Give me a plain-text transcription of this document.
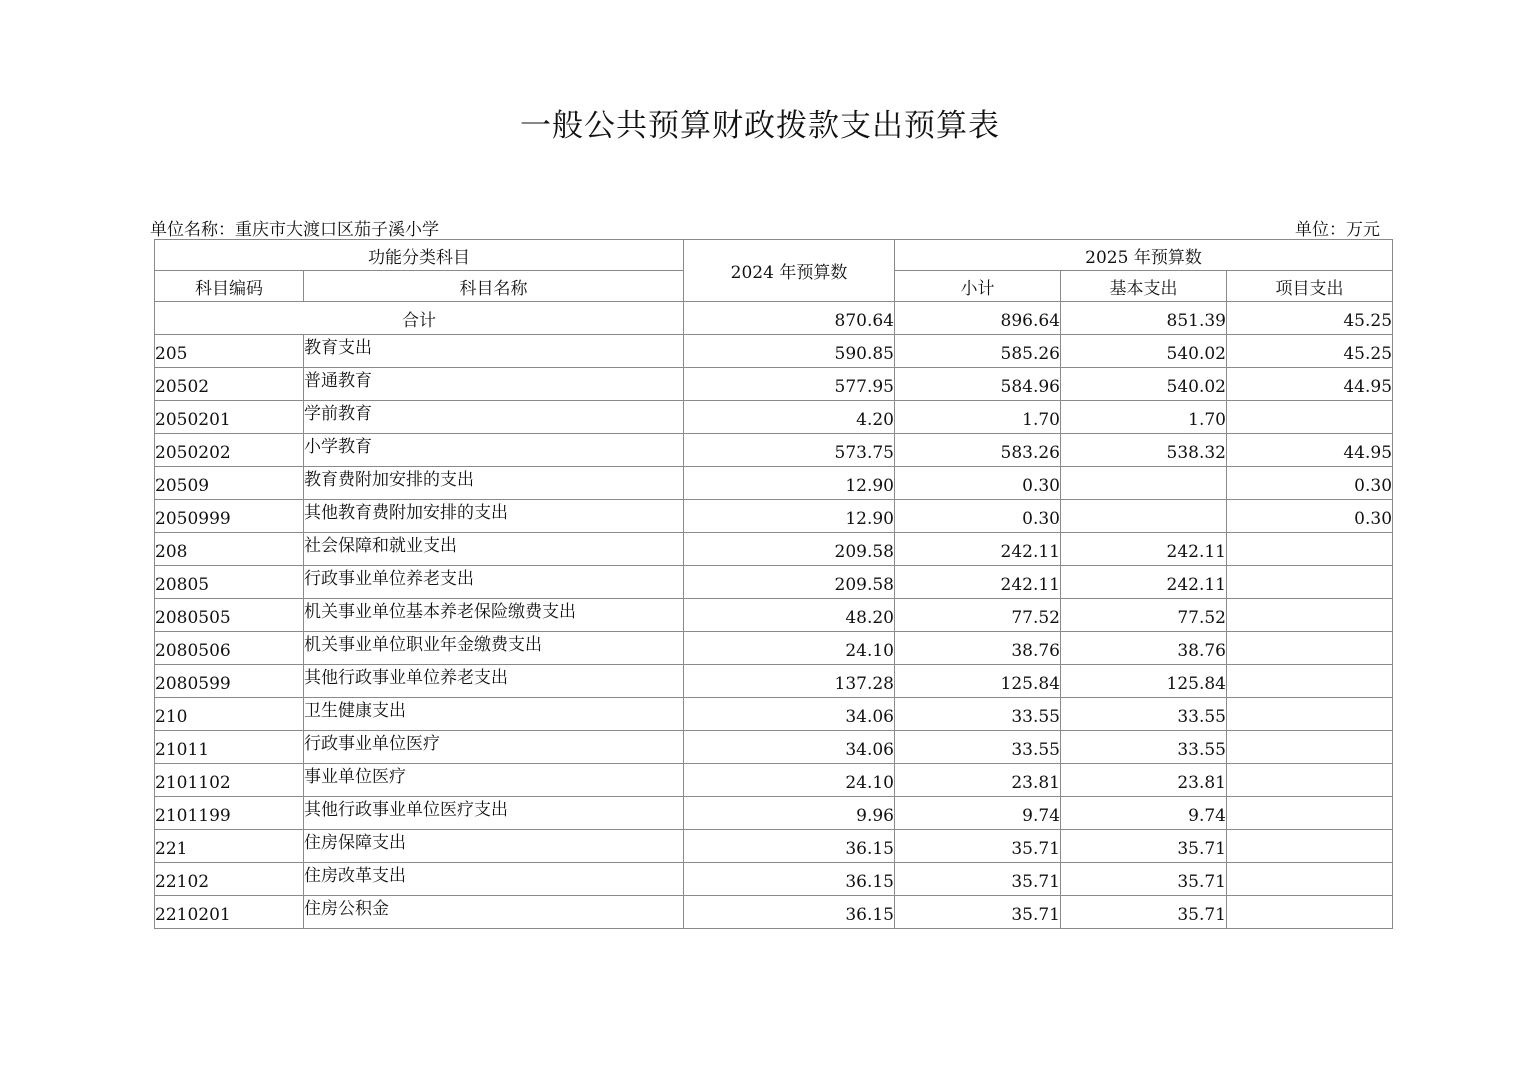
一般公共预算财政拨款支出预算表
单位名称：重庆市大渡口区茄子溪小学	单位：万元
功能分类科目		2024 年预算数	2025 年预算数		
科目编码	科目名称		小计	基本支出	项目支出
合计		870.64	896.64	851.39	45.25
205	教育支出	590.85	585.26	540.02	45.25
20502	普通教育	577.95	584.96	540.02	44.95
2050201	学前教育	4.20	1.70	1.70	
2050202	小学教育	573.75	583.26	538.32	44.95
20509	教育费附加安排的支出	12.90	0.30		0.30
2050999	其他教育费附加安排的支出	12.90	0.30		0.30
208	社会保障和就业支出	209.58	242.11	242.11	
20805	行政事业单位养老支出	209.58	242.11	242.11	
2080505	机关事业单位基本养老保险缴费支出	48.20	77.52	77.52	
2080506	机关事业单位职业年金缴费支出	24.10	38.76	38.76	
2080599	其他行政事业单位养老支出	137.28	125.84	125.84	
210	卫生健康支出	34.06	33.55	33.55	
21011	行政事业单位医疗	34.06	33.55	33.55	
2101102	事业单位医疗	24.10	23.81	23.81	
2101199	其他行政事业单位医疗支出	9.96	9.74	9.74	
221	住房保障支出	36.15	35.71	35.71	
22102	住房改革支出	36.15	35.71	35.71	
2210201	住房公积金	36.15	35.71	35.71	
